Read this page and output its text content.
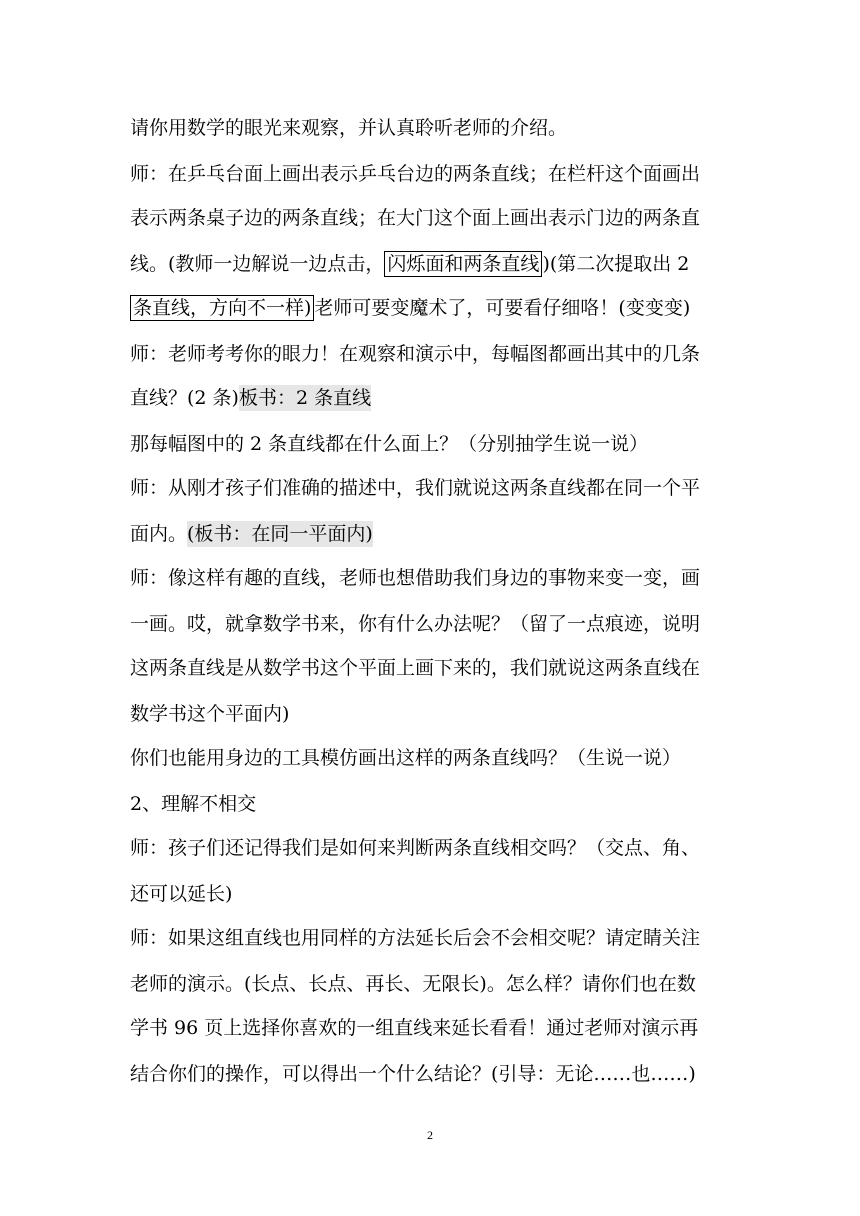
请你用数学的眼光来观察，并认真聆听老师的介绍。
师：在乒乓台面上画出表示乒乓台边的两条直线；在栏杆这个面画出
表示两条桌子边的两条直线；在大门这个面上画出表示门边的两条直
线。(教师一边解说一边点击， 闪烁面和两条直线 )(第二次提取出 2
条直线，方向不一样) 老师可要变魔术了，可要看仔细咯！(变变变)
师：老师考考你的眼力！在观察和演示中，每幅图都画出其中的几条
直线？(2 条)板书：2 条直线
那每幅图中的 2 条直线都在什么面上？（分别抽学生说一说）
师：从刚才孩子们准确的描述中，我们就说这两条直线都在同一个平
面内。(板书：在同一平面内)
师：像这样有趣的直线，老师也想借助我们身边的事物来变一变，画
一画。哎，就拿数学书来，你有什么办法呢？（留了一点痕迹，说明
这两条直线是从数学书这个平面上画下来的，我们就说这两条直线在
数学书这个平面内)
你们也能用身边的工具模仿画出这样的两条直线吗？（生说一说）
2、理解不相交
师：孩子们还记得我们是如何来判断两条直线相交吗？（交点、角、
还可以延长)
师：如果这组直线也用同样的方法延长后会不会相交呢？请定睛关注
老师的演示。(长点、长点、再长、无限长)。怎么样？请你们也在数
学书 96 页上选择你喜欢的一组直线来延长看看！通过老师对演示再
结合你们的操作，可以得出一个什么结论？(引导：无论……也……)
2
